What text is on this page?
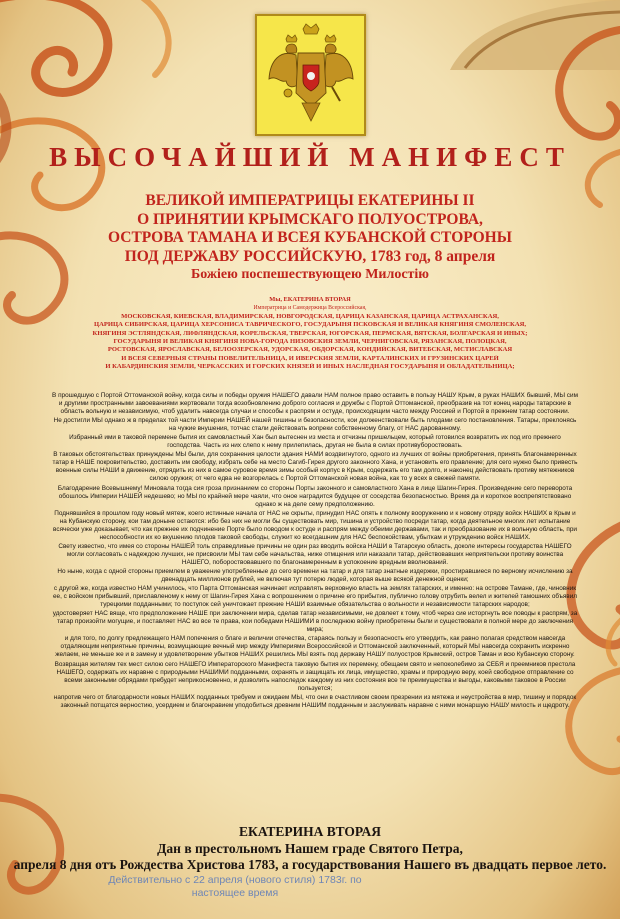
ВЫСОЧАЙШИЙ МАНИФЕСТ
ВЕЛИКОЙ ИМПЕРАТРИЦЫ ЕКАТЕРИНЫ II
О ПРИНЯТИИ КРЫМСКАГО ПОЛУОСТРОВА,
ОСТРОВА ТАМАНА И ВСЕЯ КУБАНСКОЙ СТОРОНЫ
ПОД ДЕРЖАВУ РОССИЙСКУЮ, 1783 год, 8 апреля
Божiею поспешествующею Милостiю
Мы, ЕКАТЕРИНА ВТОРАЯ
Императрица и Самодержица Всероссийская,
МОСКОВСКАЯ, КИЕВСКАЯ, ВЛАДИМИРСКАЯ, НОВГОРОДСКАЯ, ЦАРИЦА КАЗАНСКАЯ, ЦАРИЦА АСТРАХАНСКАЯ,
ЦАРИЦА СИБИРСКАЯ, ЦАРИЦА ХЕРСОНИСА ТАВРИЧЕСКОГО, ГОСУДАРЫНЯ ПСКОВСКАЯ И ВЕЛИКАЯ КНЯГИНЯ СМОЛЕНСКАЯ,
КНЯГИНЯ ЭСТЛЯНДСКАЯ, ЛИФЛЯНДСКАЯ, КОРЕЛЬСКАЯ, ТВЕРСКАЯ, ЮГОРСКАЯ, ПЕРМСКАЯ, ВЯТСКАЯ, БОЛГАРСКАЯ И ИНЫХ;
ГОСУДАРЫНЯ И ВЕЛИКАЯ КНЯГИНЯ НОВА-ГОРОДА НИЗОВСКИЯ ЗЕМЛИ, ЧЕРНИГОВСКАЯ, РЯЗАНСКАЯ, ПОЛОЦКАЯ,
РОСТОВСКАЯ, ЯРОСЛАВСКАЯ, БЕЛООЗЕРСКАЯ, УДОРСКАЯ, ОБДОРСКАЯ, КОНДИЙСКАЯ, ВИТЕБСКАЯ, МСТИСЛАВСКАЯ
И ВСЕЯ СЕВЕРНЫЯ СТРАНЫ ПОВЕЛИТЕЛЬНИЦА, И ИВЕРСКИЯ ЗЕМЛИ, КАРТАЛИНСКИХ И ГРУЗИНСКИХ ЦАРЕЙ
И КАБАРДИНСКИЯ ЗЕМЛИ, ЧЕРКАССКИХ И ГОРСКИХ КНЯЗЕЙ И ИНЫХ НАСЛЕДНАЯ ГОСУДАРЫНЯ И ОБЛАДАТЕЛЬНИЦА;

В прошедшую с Портой Оттоманской войну, когда силы и победы оружия НАШЕГО давали НАМ полное право оставить в пользу НАШУ Крым, в руках НАШИХ бывший, МЫ сим и другими пространными завоеваниями жертвовали тогда возобновлению доброго согласия и дружбы с Портой Оттоманской, преобразив на тот конец народы татарские в область вольную и независимую, чтоб удалить навсегда случаи и способы к распрям и остуде, происходящим часто между Россией и Портой в прежнем татар состоянии.

Не достигли МЫ однако ж в пределах той части Империи НАШЕЙ нашей тишины и безопасности, кои долженствовали быть плодами сего постановления. Татары, преклонясь на чужие внушения, тотчас стали действовать вопреки собственному благу, от НАС дарованному.

Избранный ими в таковой перемене бытия их самовластный Хан был вытеснен из места и отчизны пришельцем, который готовился возвратить их под иго прежнего господства. Часть из них слепо к нему прилепилась, другая не была в силах противубороствовать.

В таковых обстоятельствах принуждены МЫ были, для сохранения целости здания НАМИ воздвигнутого, одного из лучших от войны приобретения, принять благонамеренных татар в НАШЕ покровительство, доставить им свободу, избрать себе на место Сагиб-Гирея другого законного Хана, и установить его правление; для сего нужно было привесть военные силы НАШИ в движение, отрядить из них в самое суровое время зимы особый корпус в Крым, содержать его там долго, и наконец действовать противу мятежников силою оружия; от чего едва не возгорелась с Портой Оттоманской новая война, как то у всех в свежей памяти.

Благодарение Всевышнему! Миновала тогда сия гроза признанием со стороны Порты законного и самовластного Хана в лице Шагин-Гирея. Произведение сего переворота обошлось Империи НАШЕЙ недешево; но МЫ по крайней мере чаяли, что оное наградится будущее от соседства безопасностью. Время да и короткое воспрепятствовано однако ж на деле сему предположению.

Поднявшийся в прошлом году новый мятеж, коего истинные начала от НАС не скрыты, принудил НАС опять к полному вооружению и к новому отряду войск НАШИХ в Крым и на Кубанскую сторону, кои там доныне остаются: ибо без них не могли бы существовать мир, тишина и устройство посреди татар, когда деятельное многих лет испытание всячески уже доказывает, что как прежнее их подчинение Порте было поводом к остуде и распрям между обеими державами, так и преобразование их в вольную область, при неспособности их ко вкушению плодов таковой свободы, служит ко всегдашним для НАС беспокойствам, убыткам и утруждению войск НАШИХ.

Свету известно, что имея со стороны НАШЕЙ толь справедливые причины не один раз вводить войска НАШИ в Татарскую область, доколе интересы государства НАШЕГО могли согласовать с надеждою лучших, не присвоили МЫ там себе начальства, ниже отмщения или наказали татар, действовавших неприятельски противу воинства НАШЕГО, побороствовавшего по благонамеренным в успокоение вредным вволнований.

Но ныне, когда с одной стороны приемлем в уважение употребленные до сего времени на татар и для татар знатные издержки, простиравшиеся по верному исчислению за двенадцать миллионов рублей, не включая тут потерю людей, которая выше всякой денежной оценки;

с другой же, когда известно НАМ учинилось, что Парта Оттоманская начинает исправлять верховную власть на землях татарских, и именно: на острове Тамане, где, чиновник ее, с войском прибывший, приславленому к нему от Шагин-Гирея Хана с вопрошением о причине его прибытия, публично голову отрубить велел и жителей тамошних объявил турецкими подданными; то поступок сей уничтожает прежние НАШИ взаимные обязательства о вольности и независимости татарских народов;

удостоверяет НАС вяще, что предположение НАШЕ при заключении мира, сделав татар независимыми, не довлеет к тому, чтоб через сие исторгнуть все поводы к распрям, за татар произойти могущие, и поставляет НАС во все те права, кои победами НАШИМИ в последнюю войну приобретены были и существовали в полной мере до заключения мира;

и для того, по долгу предлежащего НАМ попечения о благе и величии отечества, стараясь пользу и безопасность его утвердить, как равно полагая средством навсегда отдаляющим неприятные причины, возмущающие вечный мир между Империями Всероссийской и Оттоманской заключенный, который МЫ навсегда сохранить искренно желаем, не меньше же и в замену и удовлетворение убытков НАШИХ решились МЫ взять под державу НАШУ полуостров Крымский, остров Таман и всю Кубанскую сторону.

Возвращая жителям тех мест силою сего НАШЕГО Императорского Манифеста таковую бытия их перемену, обещаем свято и непоколебимо за СЕБЯ и преемников престола НАШЕГО, содержать их наравне с природными НАШИМИ подданными, охранять и защищать их лица, имущество, храмы и природную веру, коей свободное отправление со всеми законными обрядами пребудет неприкосновенно, и дозволить напоследок каждому из них состояния все те преимущества и выгоды, каковыми таковое в России пользуется;

напротив чего от благодарности новых НАШИХ подданных требуем и ожидаем МЫ, что они в счастливом своем презрении из мятежа и неустройства в мир, тишину и порядок законный потщатся верностию, усердием и благонравием уподобиться древним НАШИМ подданным и заслуживать наравне с ними монаршую НАШУ милость и щедроту.

ЕКАТЕРИНА ВТОРАЯ
Дан в престольномъ Нашем граде Святого Петра,
апреля 8 дня отъ Рождества Христова 1783, а государствования Нашего въ двадцать первое лето.
Действительно с 22 апреля (нового стиля) 1783г. по
настоящее время
